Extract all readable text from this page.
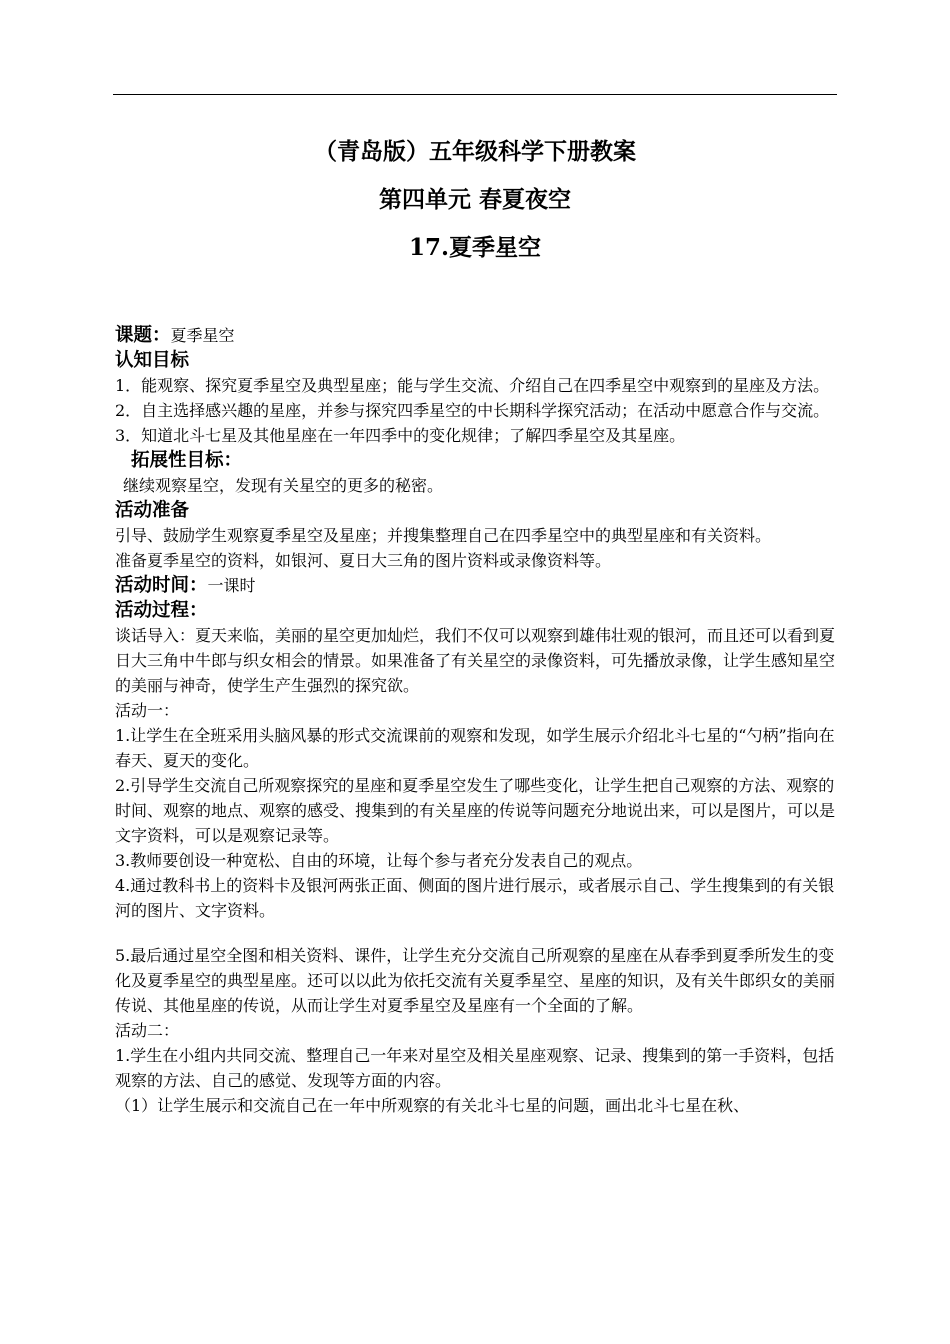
（青岛版）五年级科学下册教案
第四单元 春夏夜空
17.夏季星空

课题：夏季星空

认知目标

1．能观察、探究夏季星空及典型星座；能与学生交流、介绍自己在四季星空中观察到的星座及方法。

2．自主选择感兴趣的星座，并参与探究四季星空的中长期科学探究活动；在活动中愿意合作与交流。

3．知道北斗七星及其他星座在一年四季中的变化规律；了解四季星空及其星座。

拓展性目标：

继续观察星空，发现有关星空的更多的秘密。

活动准备

引导、鼓励学生观察夏季星空及星座；并搜集整理自己在四季星空中的典型星座和有关资料。

准备夏季星空的资料，如银河、夏日大三角的图片资料或录像资料等。

活动时间：一课时

活动过程：

谈话导入：夏天来临，美丽的星空更加灿烂，我们不仅可以观察到雄伟壮观的银河，而且还可以看到夏日大三角中牛郎与织女相会的情景。如果准备了有关星空的录像资料，可先播放录像，让学生感知星空的美丽与神奇，使学生产生强烈的探究欲。

活动一：

1.让学生在全班采用头脑风暴的形式交流课前的观察和发现，如学生展示介绍北斗七星的“勺柄”指向在春天、夏天的变化。

2.引导学生交流自己所观察探究的星座和夏季星空发生了哪些变化，让学生把自己观察的方法、观察的时间、观察的地点、观察的感受、搜集到的有关星座的传说等问题充分地说出来，可以是图片，可以是文字资料，可以是观察记录等。

3.教师要创设一种宽松、自由的环境，让每个参与者充分发表自己的观点。

4.通过教科书上的资料卡及银河两张正面、侧面的图片进行展示，或者展示自己、学生搜集到的有关银河的图片、文字资料。

5.最后通过星空全图和相关资料、课件，让学生充分交流自己所观察的星座在从春季到夏季所发生的变化及夏季星空的典型星座。还可以以此为依托交流有关夏季星空、星座的知识，及有关牛郎织女的美丽传说、其他星座的传说，从而让学生对夏季星空及星座有一个全面的了解。

活动二：

1.学生在小组内共同交流、整理自己一年来对星空及相关星座观察、记录、搜集到的第一手资料，包括观察的方法、自己的感觉、发现等方面的内容。

（1）让学生展示和交流自己在一年中所观察的有关北斗七星的问题，画出北斗七星在秋、
